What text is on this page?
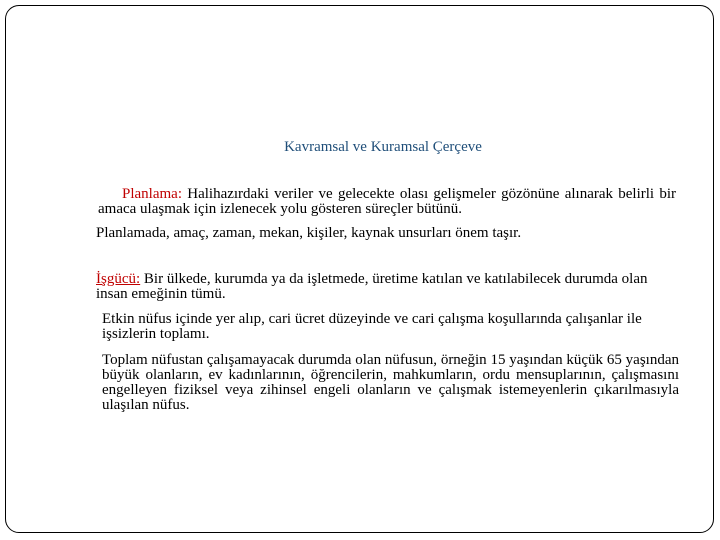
Kavramsal ve Kuramsal Çerçeve
Planlama: Halihazırdaki veriler ve gelecekte olası gelişmeler gözönüne alınarak belirli bir amaca ulaşmak için izlenecek yolu gösteren süreçler bütünü.
Planlamada, amaç, zaman, mekan, kişiler, kaynak unsurları önem taşır.
İşgücü: Bir ülkede, kurumda ya da işletmede, üretime katılan ve katılabilecek durumda olan insan emeğinin tümü.
Etkin nüfus içinde yer alıp, cari ücret düzeyinde ve cari çalışma koşullarında çalışanlar ile işsizlerin toplamı.
Toplam nüfustan çalışamayacak durumda olan nüfusun, örneğin 15 yaşından küçük 65 yaşından büyük olanların, ev kadınlarının, öğrencilerin, mahkumların, ordu mensuplarının, çalışmasını engelleyen fiziksel veya zihinsel engeli olanların ve çalışmak istemeyenlerin çıkarılmasıyla ulaşılan nüfus.
